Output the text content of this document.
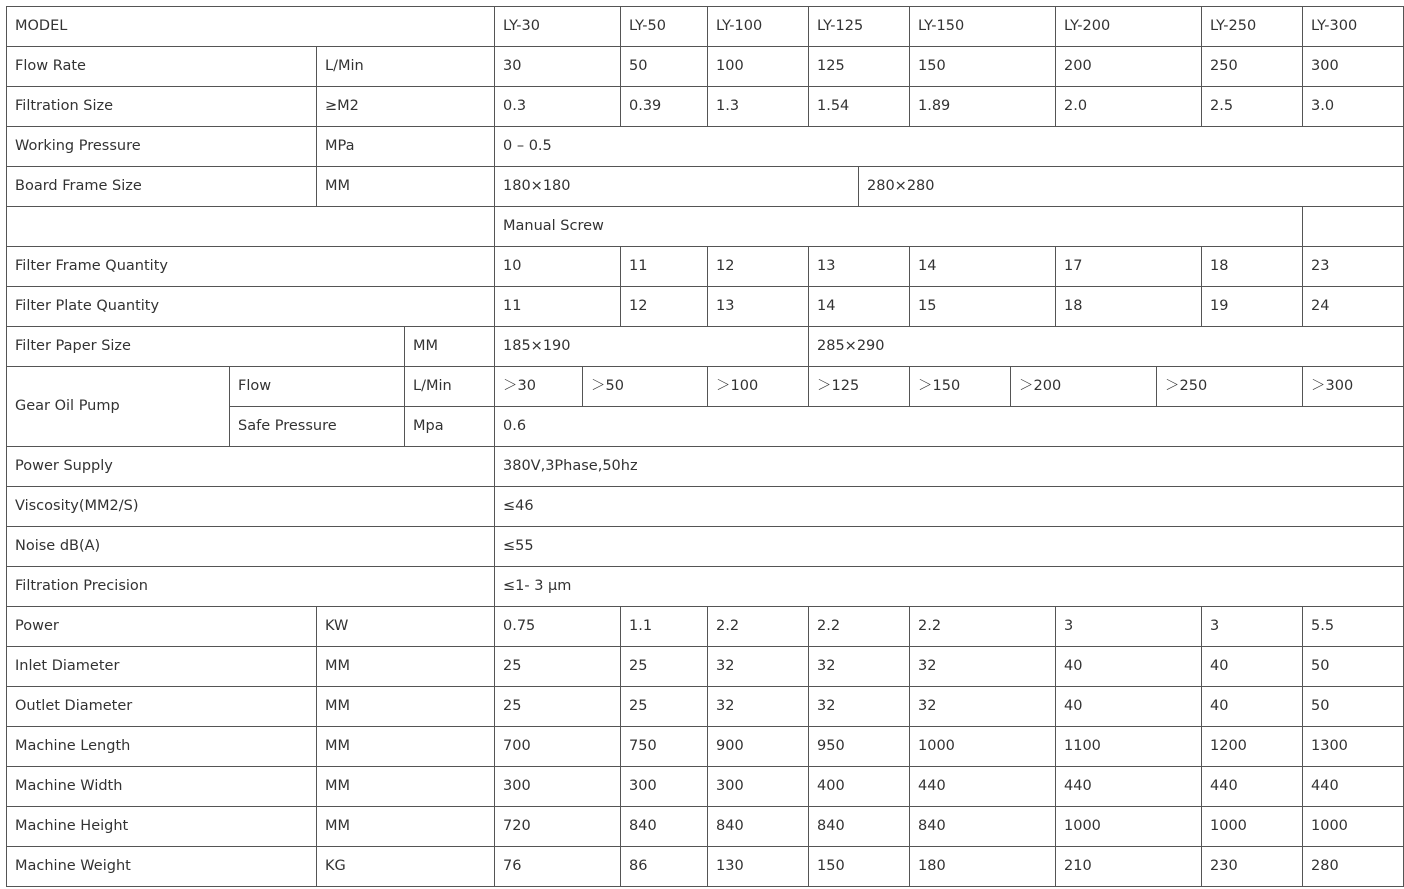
MODEL	LY-30	LY-50	LY-100	LY-125	LY-150	LY-200	LY-250	LY-300
Flow Rate	L/Min	30	50	100	125	150	200	250	300
Filtration Size	≥M2	0.3	0.39	1.3	1.54	1.89	2.0	2.5	3.0
Working Pressure	MPa	0 – 0.5
Board Frame Size	MM	180×180	280×280
Manual Screw
Filter Frame Quantity	10	11	12	13	14	17	18	23
Filter Plate Quantity	11	12	13	14	15	18	19	24
Filter Paper Size	MM	185×190	285×290
Gear Oil Pump
Flow	L/Min	＞30	＞50	＞100	＞125	＞150	＞200	＞250	＞300
Safe Pressure	Mpa	0.6
Power Supply	380V,3Phase,50hz
Viscosity(MM2/S)	≤46
Noise dB(A)	≤55
Filtration Precision	≤1- 3 μm
Power	KW	0.75	1.1	2.2	2.2	2.2	3	3	5.5
Inlet Diameter	MM	25	25	32	32	32	40	40	50
Outlet Diameter	MM	25	25	32	32	32	40	40	50
Machine Length	MM	700	750	900	950	1000	1100	1200	1300
Machine Width	MM	300	300	300	400	440	440	440	440
Machine Height	MM	720	840	840	840	840	1000	1000	1000
Machine Weight	KG	76	86	130	150	180	210	230	280
